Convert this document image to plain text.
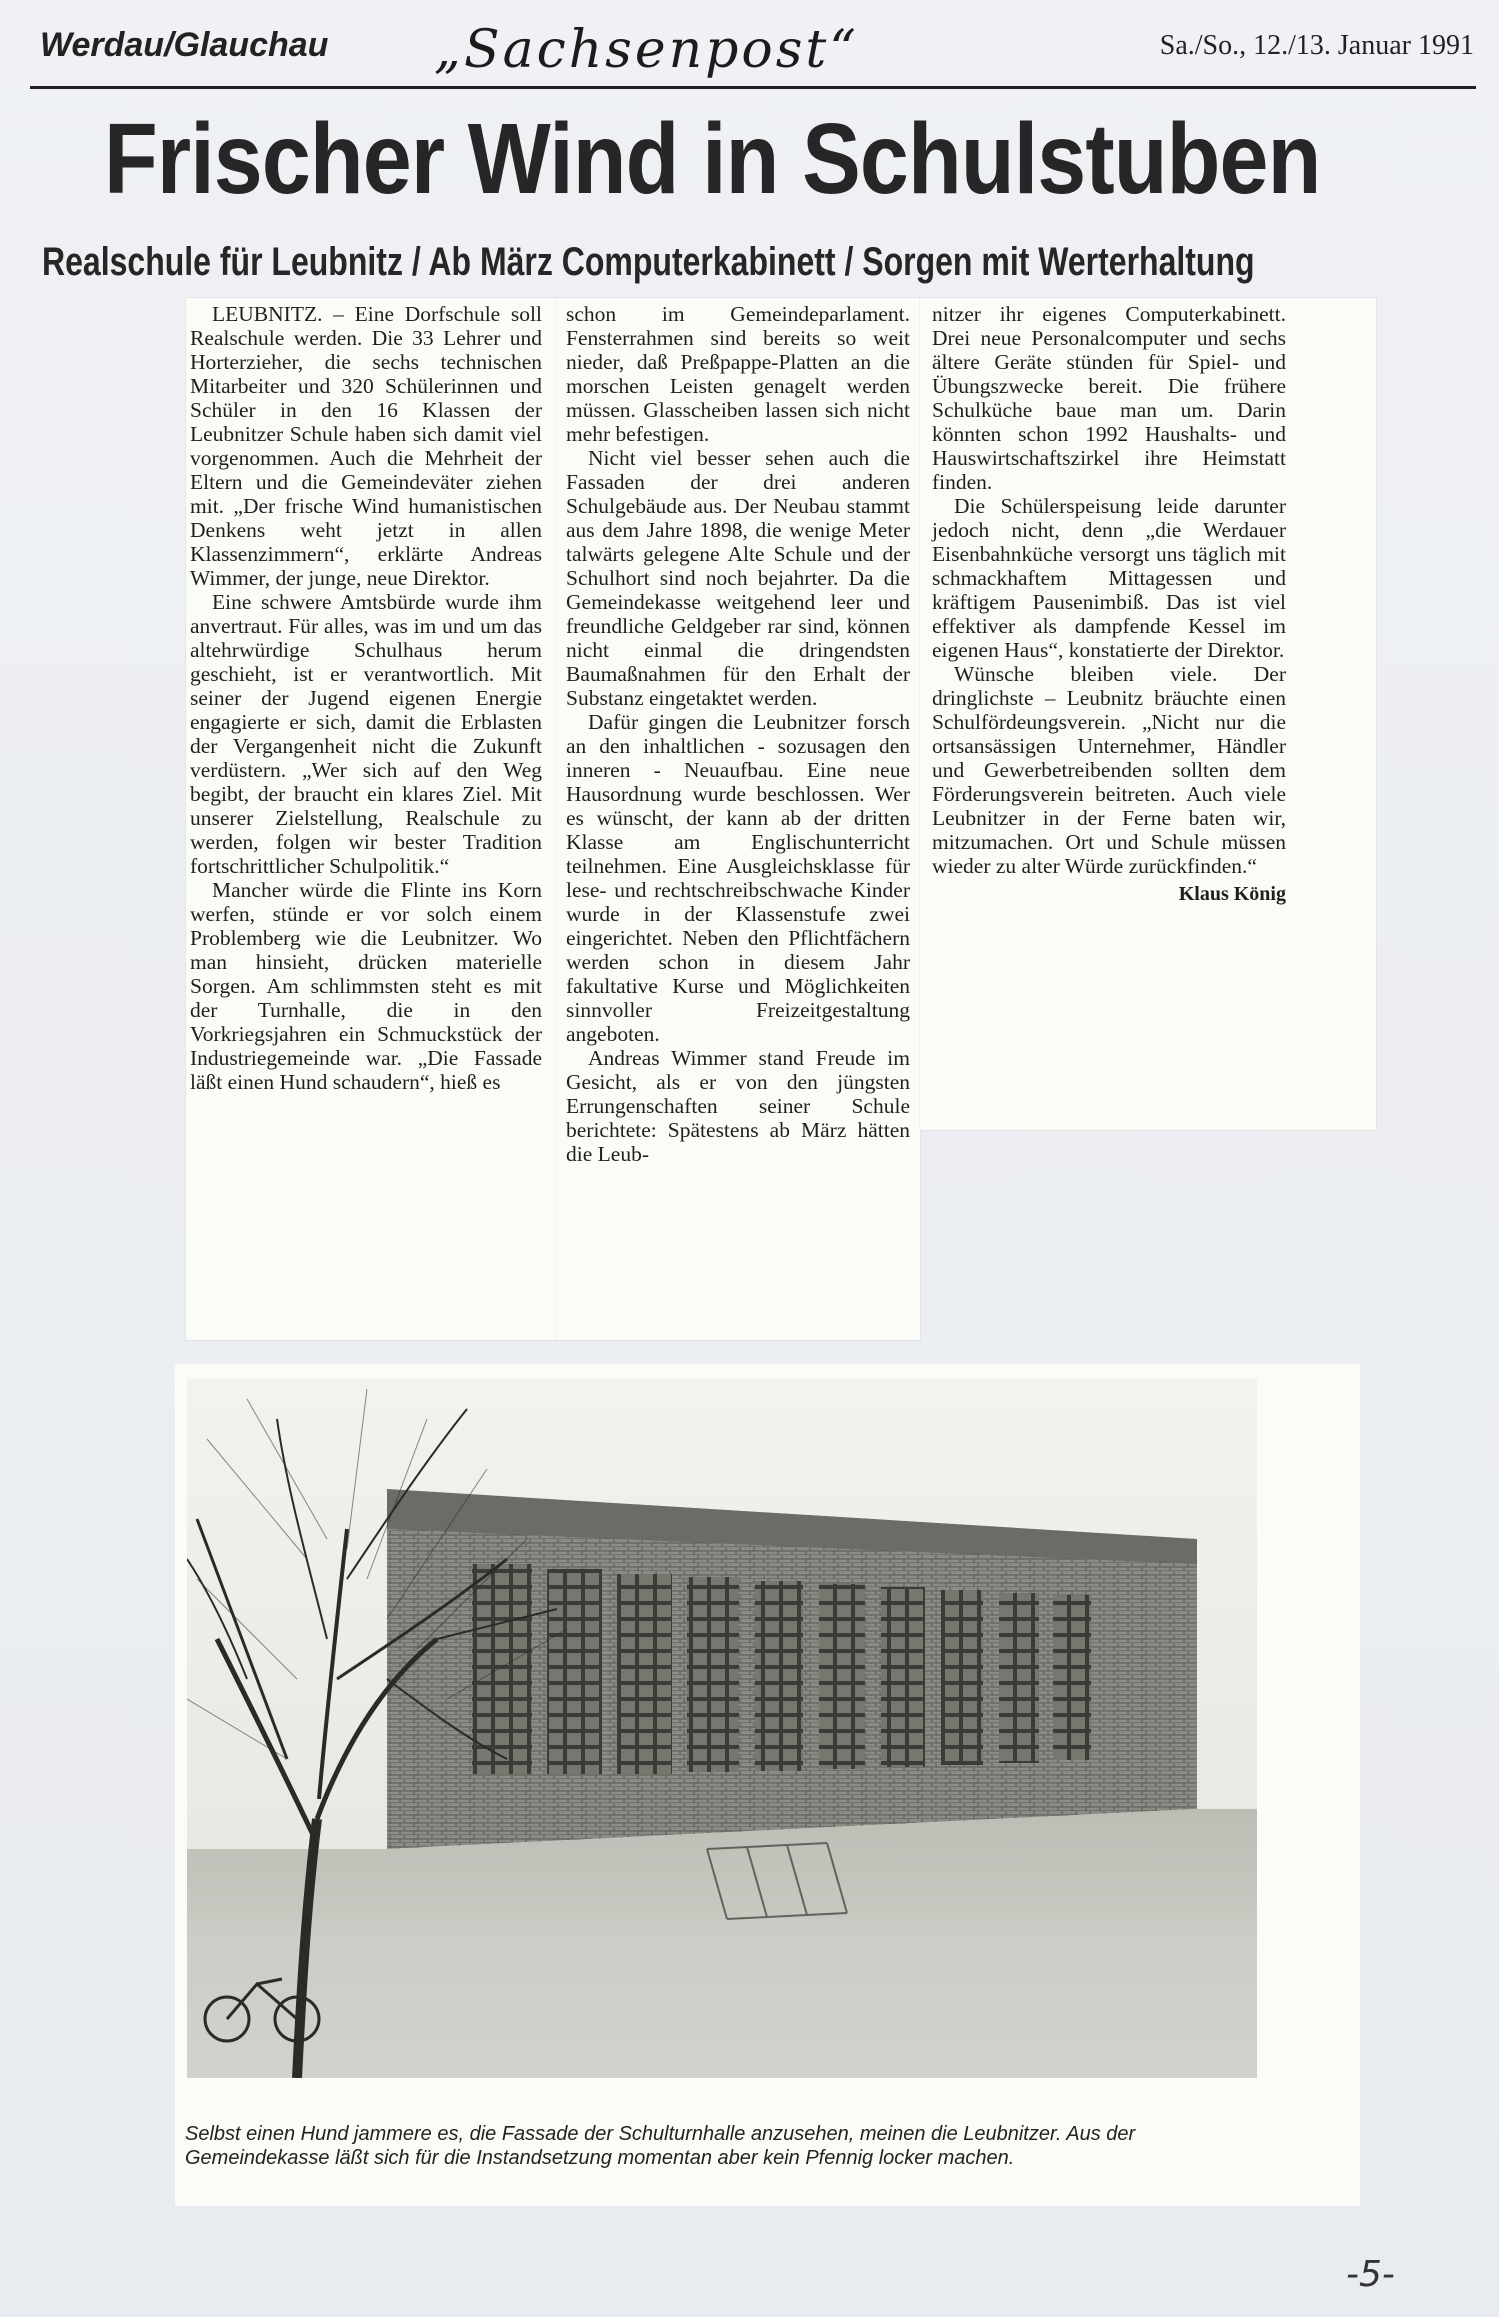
Werdau/Glauchau „Sachsenpost“	Sa./So., 12./13. Januar 1991
Frischer Wind in Schulstuben
Realschule für Leubnitz / Ab März Computerkabinett / Sorgen mit Werterhaltung

LEUBNITZ. – Eine Dorfschule soll Realschule werden. Die 33 Lehrer und Horterzieher, die sechs technischen Mitarbeiter und 320 Schülerinnen und Schüler in den 16 Klassen der Leubnitzer Schule haben sich damit viel vorgenommen. Auch die Mehrheit der Eltern und die Gemeindeväter ziehen mit. „Der frische Wind humanistischen Denkens weht jetzt in allen Klassenzimmern“, erklärte Andreas Wimmer, der junge, neue Direktor.

Eine schwere Amtsbürde wurde ihm anvertraut. Für alles, was im und um das altehrwürdige Schulhaus herum geschieht, ist er verantwortlich. Mit seiner der Jugend eigenen Energie engagierte er sich, damit die Erblasten der Vergangenheit nicht die Zukunft verdüstern. „Wer sich auf den Weg begibt, der braucht ein klares Ziel. Mit unserer Zielstellung, Realschule zu werden, folgen wir bester Tradition fortschrittlicher Schulpolitik.“

Mancher würde die Flinte ins Korn werfen, stünde er vor solch einem Problemberg wie die Leubnitzer. Wo man hinsieht, drücken materielle Sorgen. Am schlimmsten steht es mit der Turnhalle, die in den Vorkriegsjahren ein Schmuckstück der Industriegemeinde war. „Die Fassade läßt einen Hund schaudern“, hieß es

schon im Gemeindeparlament. Fensterrahmen sind bereits so weit nieder, daß Preßpappe-Platten an die morschen Leisten genagelt werden müssen. Glasscheiben lassen sich nicht mehr befestigen.

Nicht viel besser sehen auch die Fassaden der drei anderen Schulgebäude aus. Der Neubau stammt aus dem Jahre 1898, die wenige Meter talwärts gelegene Alte Schule und der Schulhort sind noch bejahrter. Da die Gemeindekasse weitgehend leer und freundliche Geldgeber rar sind, können nicht einmal die dringendsten Baumaßnahmen für den Erhalt der Substanz eingetaktet werden.

Dafür gingen die Leubnitzer forsch an den inhaltlichen - sozusagen den inneren - Neuaufbau. Eine neue Hausordnung wurde beschlossen. Wer es wünscht, der kann ab der dritten Klasse am Englischunterricht teilnehmen. Eine Ausgleichsklasse für lese- und rechtschreibschwache Kinder wurde in der Klassenstufe zwei eingerichtet. Neben den Pflichtfächern werden schon in diesem Jahr fakultative Kurse und Möglichkeiten sinnvoller Freizeitgestaltung angeboten.

Andreas Wimmer stand Freude im Gesicht, als er von den jüngsten Errungenschaften seiner Schule berichtete: Spätestens ab März hätten die Leub-

nitzer ihr eigenes Computerkabinett. Drei neue Personalcomputer und sechs ältere Geräte stünden für Spiel- und Übungszwecke bereit. Die frühere Schulküche baue man um. Darin könnten schon 1992 Haushalts- und Hauswirtschaftszirkel ihre Heimstatt finden.

Die Schülerspeisung leide darunter jedoch nicht, denn „die Werdauer Eisenbahnküche versorgt uns täglich mit schmackhaftem Mittagessen und kräftigem Pausenimbiß. Das ist viel effektiver als dampfende Kessel im eigenen Haus“, konstatierte der Direktor.

Wünsche bleiben viele. Der dringlichste – Leubnitz bräuchte einen Schulfördeungsverein. „Nicht nur die ortsansässigen Unternehmer, Händler und Gewerbetreibenden sollten dem Förderungsverein beitreten. Auch viele Leubnitzer in der Ferne baten wir, mitzumachen. Ort und Schule müssen wieder zu alter Würde zurückfinden.“

Klaus König
Selbst einen Hund jammere es, die Fassade der Schulturnhalle anzusehen, meinen die Leubnitzer. Aus der Gemeindekasse läßt sich für die Instandsetzung momentan aber kein Pfennig locker machen.
-5-
